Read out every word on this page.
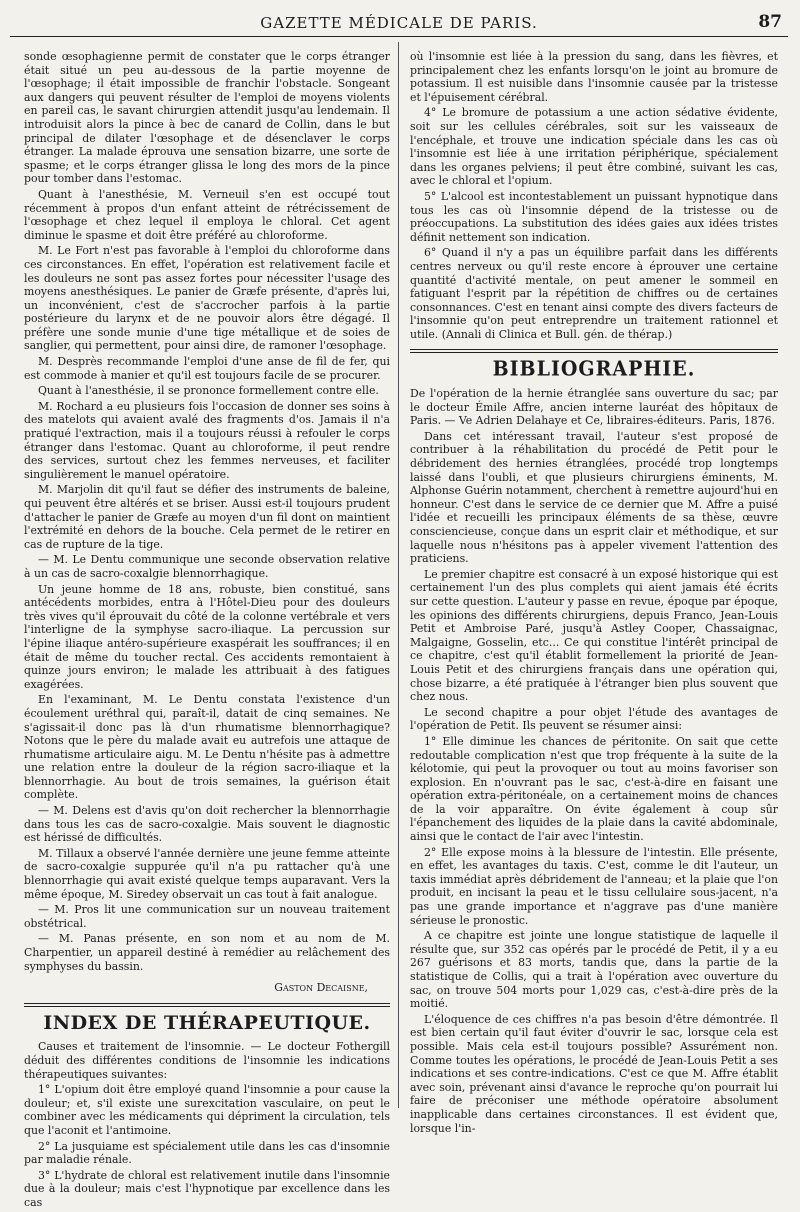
GAZETTE MÉDICALE DE PARIS.	87

sonde œsophagienne permit de constater que le corps étranger était situé un peu au-dessous de la partie moyenne de l'œsophage; il était impossible de franchir l'obstacle. Songeant aux dangers qui peuvent résulter de l'emploi de moyens violents en pareil cas, le savant chirurgien attendit jusqu'au lendemain. Il introduisit alors la pince à bec de canard de Collin, dans le but principal de dilater l'œsophage et de désenclaver le corps étranger. La malade éprouva une sensation bizarre, une sorte de spasme; et le corps étranger glissa le long des mors de la pince pour tomber dans l'estomac.

Quant à l'anesthésie, M. Verneuil s'en est occupé tout récemment à propos d'un enfant atteint de rétrécissement de l'œsophage et chez lequel il employa le chloral. Cet agent diminue le spasme et doit être préféré au chloroforme.

M. Le Fort n'est pas favorable à l'emploi du chloroforme dans ces circonstances. En effet, l'opération est relativement facile et les douleurs ne sont pas assez fortes pour nécessiter l'usage des moyens anesthésiques. Le panier de Græfe présente, d'après lui, un inconvénient, c'est de s'accrocher parfois à la partie postérieure du larynx et de ne pouvoir alors être dégagé. Il préfère une sonde munie d'une tige métallique et de soies de sanglier, qui permettent, pour ainsi dire, de ramoner l'œsophage.

M. Desprès recommande l'emploi d'une anse de fil de fer, qui est commode à manier et qu'il est toujours facile de se procurer.

Quant à l'anesthésie, il se prononce formellement contre elle.

M. Rochard a eu plusieurs fois l'occasion de donner ses soins à des matelots qui avaient avalé des fragments d'os. Jamais il n'a pratiqué l'extraction, mais il a toujours réussi à refouler le corps étranger dans l'estomac. Quant au chloroforme, il peut rendre des services, surtout chez les femmes nerveuses, et faciliter singulièrement le manuel opératoire.

M. Marjolin dit qu'il faut se défier des instruments de baleine, qui peuvent être altérés et se briser. Aussi est-il toujours prudent d'attacher le panier de Græfe au moyen d'un fil dont on maintient l'extrémité en dehors de la bouche. Cela permet de le retirer en cas de rupture de la tige.

— M. Le Dentu communique une seconde observation relative à un cas de sacro-coxalgie blennorrhagique.

Un jeune homme de 18 ans, robuste, bien constitué, sans antécédents morbides, entra à l'Hôtel-Dieu pour des douleurs très vives qu'il éprouvait du côté de la colonne vertébrale et vers l'interligne de la symphyse sacro-iliaque. La percussion sur l'épine iliaque antéro-supérieure exaspérait les souffrances; il en était de même du toucher rectal. Ces accidents remontaient à quinze jours environ; le malade les attribuait à des fatigues exagérées.

En l'examinant, M. Le Dentu constata l'existence d'un écoulement uréthral qui, paraît-il, datait de cinq semaines. Ne s'agissait-il donc pas là d'un rhumatisme blennorrhagique? Notons que le père du malade avait eu autrefois une attaque de rhumatisme articulaire aigu. M. Le Dentu n'hésite pas à admettre une relation entre la douleur de la région sacro-iliaque et la blennorrhagie. Au bout de trois semaines, la guérison était complète.

— M. Delens est d'avis qu'on doit rechercher la blennorrhagie dans tous les cas de sacro-coxalgie. Mais souvent le diagnostic est hérissé de difficultés.

M. Tillaux a observé l'année dernière une jeune femme atteinte de sacro-coxalgie suppurée qu'il n'a pu rattacher qu'à une blennorrhagie qui avait existé quelque temps auparavant. Vers la même époque, M. Siredey observait un cas tout à fait analogue.

— M. Pros lit une communication sur un nouveau traitement obstétrical.

— M. Panas présente, en son nom et au nom de M. Charpentier, un appareil destiné à remédier au relâchement des symphyses du bassin.

Gaston Decaisne,
INDEX DE THÉRAPEUTIQUE.

Causes et traitement de l'insomnie. — Le docteur Fothergill déduit des différentes conditions de l'insomnie les indications thérapeutiques suivantes:

1° L'opium doit être employé quand l'insomnie a pour cause la douleur; et, s'il existe une surexcitation vasculaire, on peut le combiner avec les médicaments qui dépriment la circulation, tels que l'aconit et l'antimoine.

2° La jusquiame est spécialement utile dans les cas d'insomnie par maladie rénale.

3° L'hydrate de chloral est relativement inutile dans l'insomnie due à la douleur; mais c'est l'hypnotique par excellence dans les cas

où l'insomnie est liée à la pression du sang, dans les fièvres, et principalement chez les enfants lorsqu'on le joint au bromure de potassium. Il est nuisible dans l'insomnie causée par la tristesse et l'épuisement cérébral.

4° Le bromure de potassium a une action sédative évidente, soit sur les cellules cérébrales, soit sur les vaisseaux de l'encéphale, et trouve une indication spéciale dans les cas où l'insomnie est liée à une irritation périphérique, spécialement dans les organes pelviens; il peut être combiné, suivant les cas, avec le chloral et l'opium.

5° L'alcool est incontestablement un puissant hypnotique dans tous les cas où l'insomnie dépend de la tristesse ou de préoccupations. La substitution des idées gaies aux idées tristes définit nettement son indication.

6° Quand il n'y a pas un équilibre parfait dans les différents centres nerveux ou qu'il reste encore à éprouver une certaine quantité d'activité mentale, on peut amener le sommeil en fatiguant l'esprit par la répétition de chiffres ou de certaines consonnances. C'est en tenant ainsi compte des divers facteurs de l'insomnie qu'on peut entreprendre un traitement rationnel et utile. (Annali di Clinica et Bull. gén. de thérap.)

BIBLIOGRAPHIE.

De l'opération de la hernie étranglée sans ouverture du sac; par le docteur Émile Affre, ancien interne lauréat des hôpitaux de Paris. — Ve Adrien Delahaye et Ce, libraires-éditeurs. Paris, 1876.

Dans cet intéressant travail, l'auteur s'est proposé de contribuer à la réhabilitation du procédé de Petit pour le débridement des hernies étranglées, procédé trop longtemps laissé dans l'oubli, et que plusieurs chirurgiens éminents, M. Alphonse Guérin notamment, cherchent à remettre aujourd'hui en honneur. C'est dans le service de ce dernier que M. Affre a puisé l'idée et recueilli les principaux éléments de sa thèse, œuvre consciencieuse, conçue dans un esprit clair et méthodique, et sur laquelle nous n'hésitons pas à appeler vivement l'attention des praticiens.

Le premier chapitre est consacré à un exposé historique qui est certainement l'un des plus complets qui aient jamais été écrits sur cette question. L'auteur y passe en revue, époque par époque, les opinions des différents chirurgiens, depuis Franco, Jean-Louis Petit et Ambroise Paré, jusqu'à Astley Cooper, Chassaignac, Malgaigne, Gosselin, etc... Ce qui constitue l'intérêt principal de ce chapitre, c'est qu'il établit formellement la priorité de Jean-Louis Petit et des chirurgiens français dans une opération qui, chose bizarre, a été pratiquée à l'étranger bien plus souvent que chez nous.

Le second chapitre a pour objet l'étude des avantages de l'opération de Petit. Ils peuvent se résumer ainsi:

1° Elle diminue les chances de péritonite. On sait que cette redoutable complication n'est que trop fréquente à la suite de la kélotomie, qui peut la provoquer ou tout au moins favoriser son explosion. En n'ouvrant pas le sac, c'est-à-dire en faisant une opération extra-péritonéale, on a certainement moins de chances de la voir apparaître. On évite également à coup sûr l'épanchement des liquides de la plaie dans la cavité abdominale, ainsi que le contact de l'air avec l'intestin.

2° Elle expose moins à la blessure de l'intestin. Elle présente, en effet, les avantages du taxis. C'est, comme le dit l'auteur, un taxis immédiat après débridement de l'anneau; et la plaie que l'on produit, en incisant la peau et le tissu cellulaire sous-jacent, n'a pas une grande importance et n'aggrave pas d'une manière sérieuse le pronostic.

A ce chapitre est jointe une longue statistique de laquelle il résulte que, sur 352 cas opérés par le procédé de Petit, il y a eu 267 guérisons et 83 morts, tandis que, dans la partie de la statistique de Collis, qui a trait à l'opération avec ouverture du sac, on trouve 504 morts pour 1,029 cas, c'est-à-dire près de la moitié.

L'éloquence de ces chiffres n'a pas besoin d'être démontrée. Il est bien certain qu'il faut éviter d'ouvrir le sac, lorsque cela est possible. Mais cela est-il toujours possible? Assurément non. Comme toutes les opérations, le procédé de Jean-Louis Petit a ses indications et ses contre-indications. C'est ce que M. Affre établit avec soin, prévenant ainsi d'avance le reproche qu'on pourrait lui faire de préconiser une méthode opératoire absolument inapplicable dans certaines circonstances. Il est évident que, lorsque l'in-
